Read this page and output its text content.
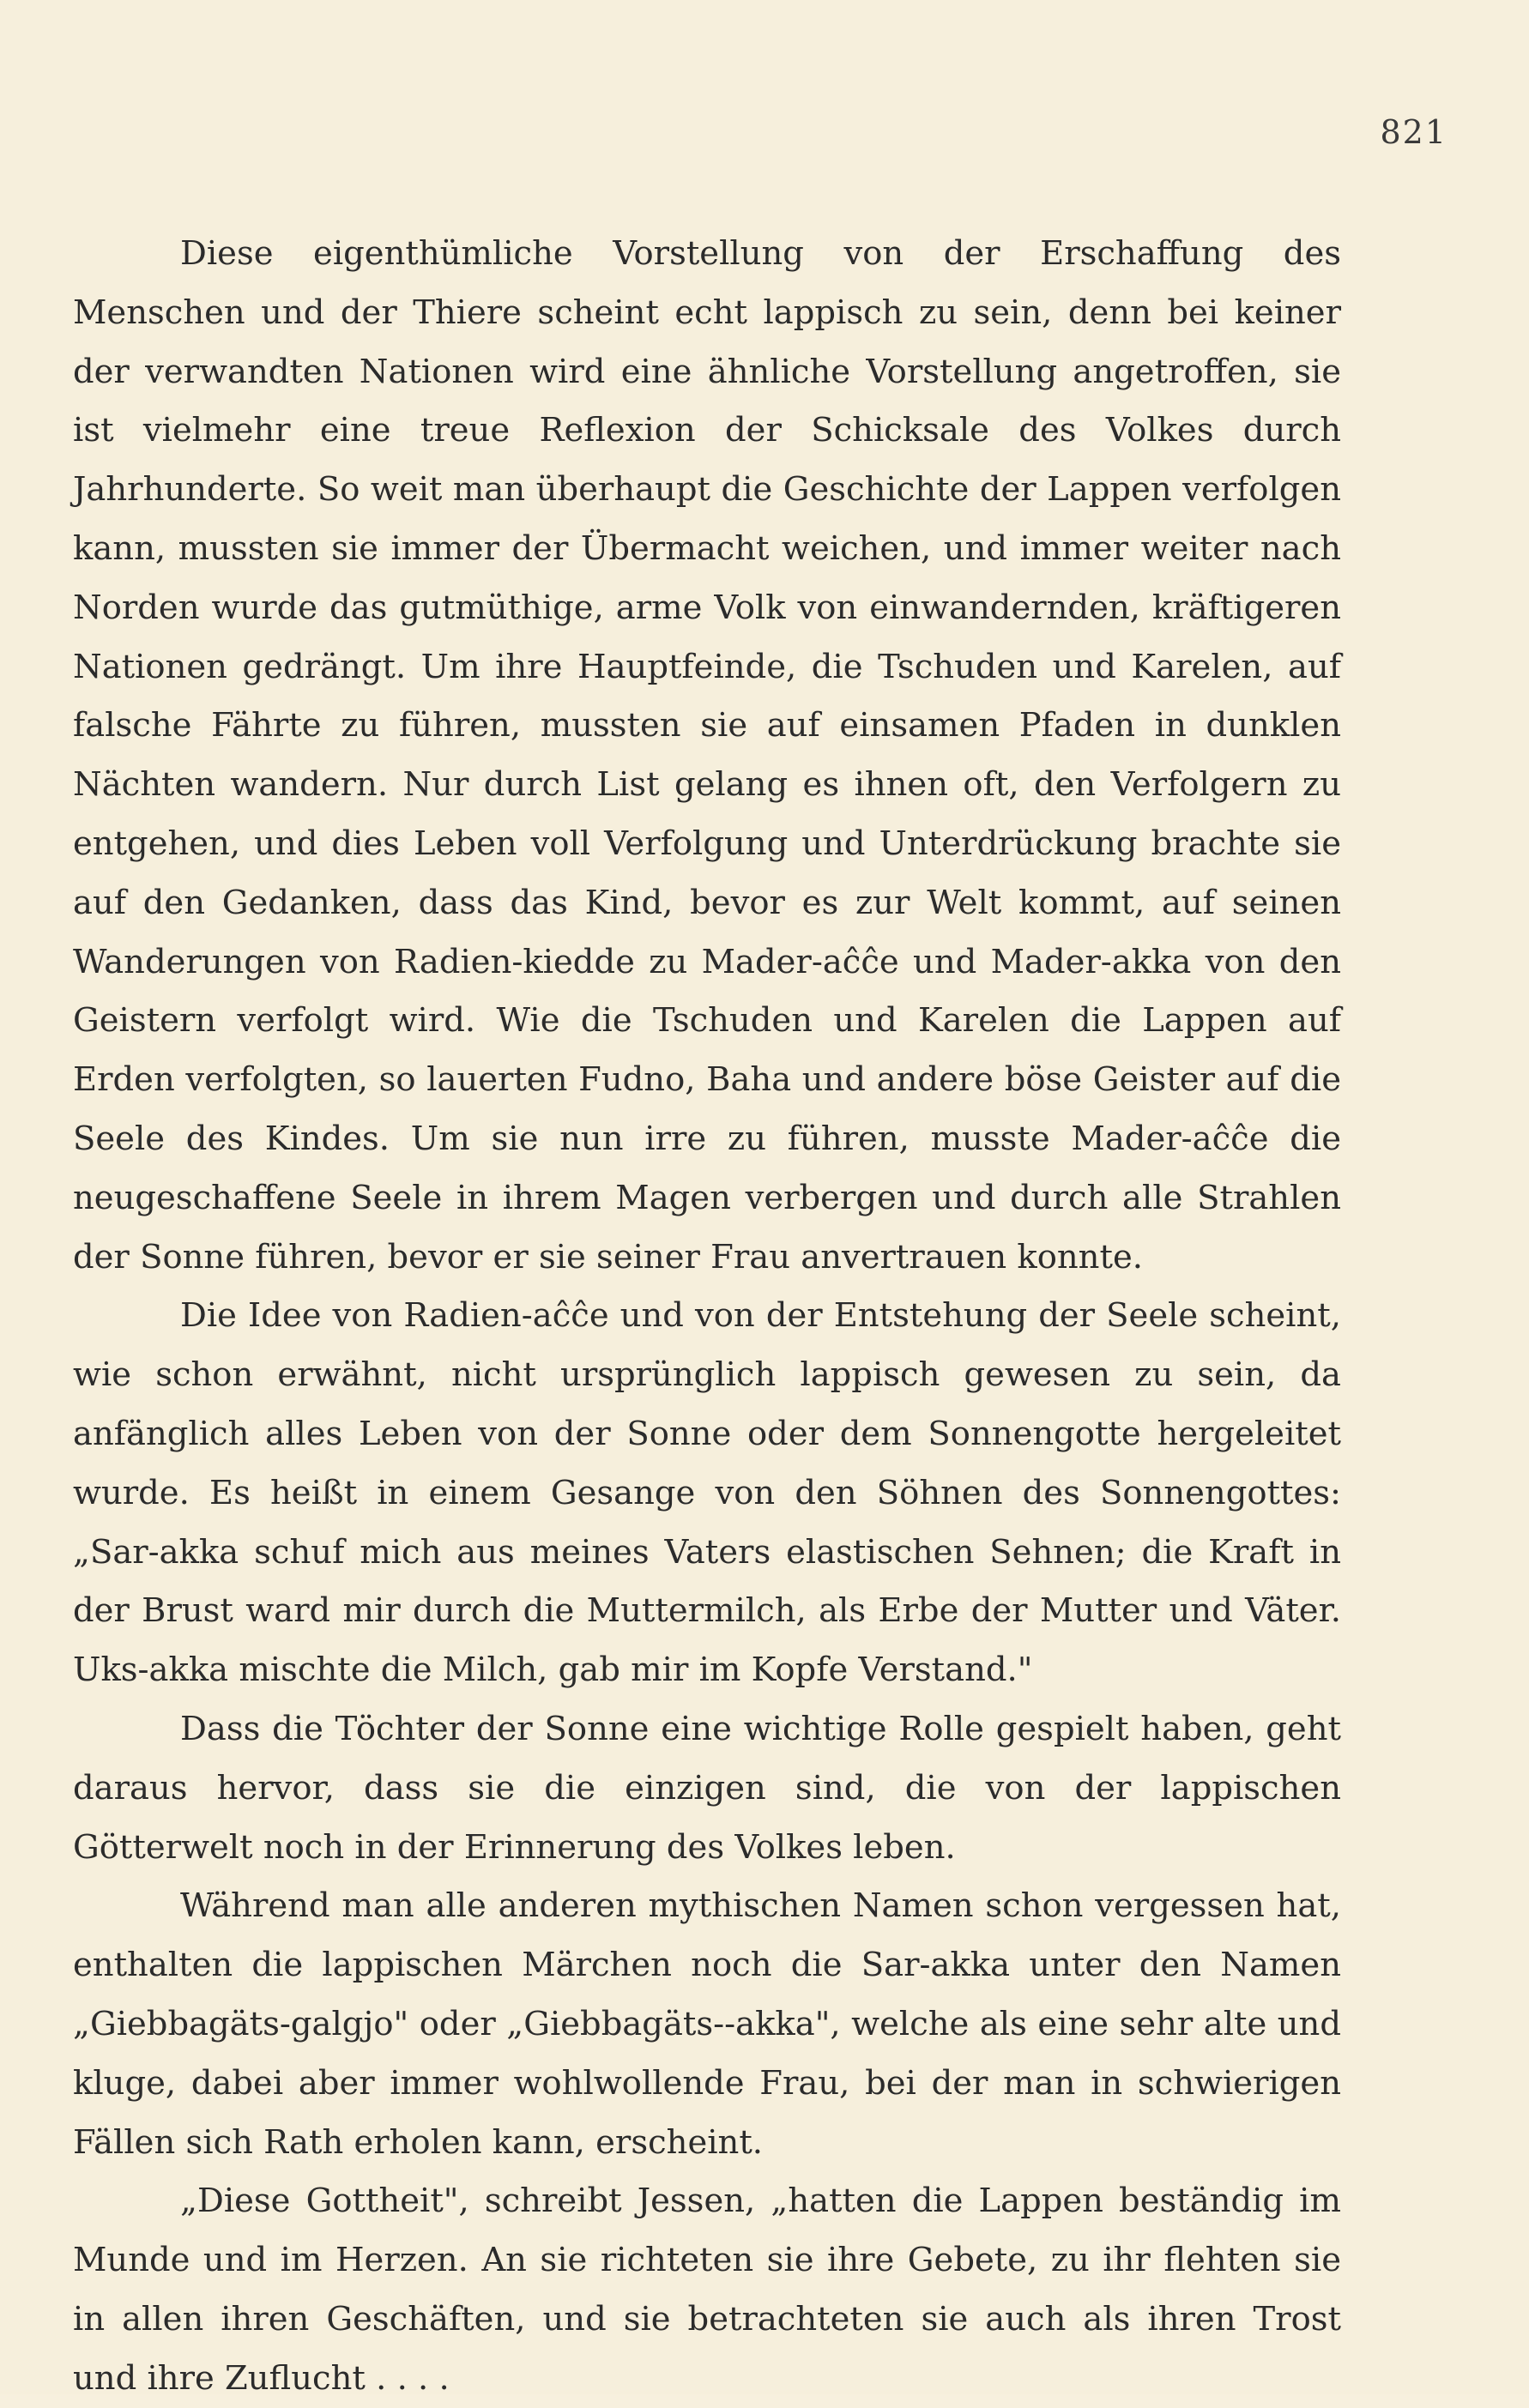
821

Diese eigenthümliche Vorstellung von der Erschaffung des Menschen und der Thiere scheint echt lappisch zu sein, denn bei keiner der verwandten Nationen wird eine ähnliche Vorstellung angetroffen, sie ist vielmehr eine treue Reflexion der Schicksale des Volkes durch Jahrhunderte. So weit man überhaupt die Geschichte der Lappen verfolgen kann, mussten sie immer der Übermacht weichen, und immer weiter nach Norden wurde das gutmüthige, arme Volk von einwandernden, kräftigeren Nationen gedrängt. Um ihre Hauptfeinde, die Tschuden und Karelen, auf falsche Fährte zu führen, mussten sie auf einsamen Pfaden in dunklen Nächten wandern. Nur durch List gelang es ihnen oft, den Verfolgern zu entgehen, und dies Leben voll Verfolgung und Unterdrückung brachte sie auf den Gedanken, dass das Kind, bevor es zur Welt kommt, auf seinen Wanderungen von Radien-kiedde zu Mader-aĉĉe und Mader-akka von den Geistern verfolgt wird. Wie die Tschuden und Karelen die Lappen auf Erden verfolgten, so lauerten Fudno, Baha und andere böse Geister auf die Seele des Kindes. Um sie nun irre zu führen, musste Mader-aĉĉe die neugeschaffene Seele in ihrem Magen verbergen und durch alle Strahlen der Sonne führen, bevor er sie seiner Frau anvertrauen konnte.

Die Idee von Radien-aĉĉe und von der Entstehung der Seele scheint, wie schon erwähnt, nicht ursprünglich lappisch gewesen zu sein, da anfänglich alles Leben von der Sonne oder dem Sonnengotte hergeleitet wurde. Es heißt in einem Gesange von den Söhnen des Sonnengottes: „Sar-akka schuf mich aus meines Vaters elastischen Sehnen; die Kraft in der Brust ward mir durch die Muttermilch, als Erbe der Mutter und Väter. Uks-akka mischte die Milch, gab mir im Kopfe Verstand."

Dass die Töchter der Sonne eine wichtige Rolle gespielt haben, geht daraus hervor, dass sie die einzigen sind, die von der lappischen Götterwelt noch in der Erinnerung des Volkes leben.

Während man alle anderen mythischen Namen schon vergessen hat, enthalten die lappischen Märchen noch die Sar-akka unter den Namen „Giebbagäts-galgjo" oder „Giebbagäts--akka", welche als eine sehr alte und kluge, dabei aber immer wohlwollende Frau, bei der man in schwierigen Fällen sich Rath erholen kann, erscheint.

„Diese Gottheit", schreibt Jessen, „hatten die Lappen beständig im Munde und im Herzen. An sie richteten sie ihre Gebete, zu ihr flehten sie in allen ihren Geschäften, und sie betrachteten sie auch als ihren Trost und ihre Zuflucht . . . .
